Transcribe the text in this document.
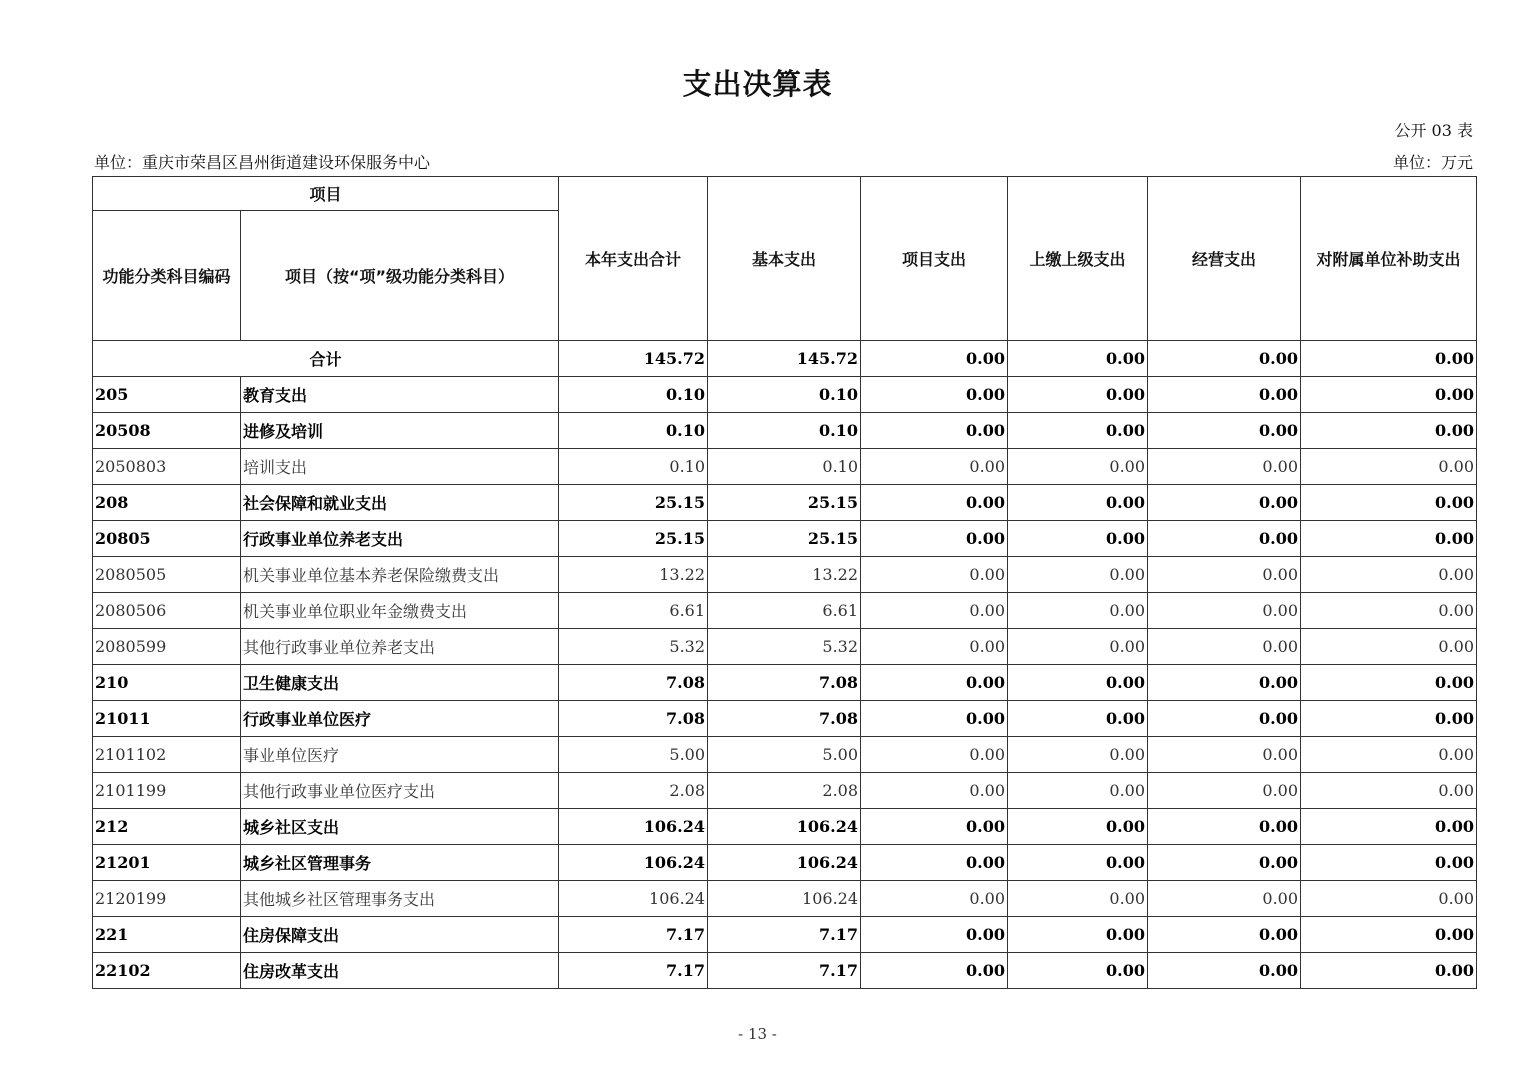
支出决算表
公开 03 表
单位：重庆市荣昌区昌州街道建设环保服务中心	单位：万元
项目		本年支出合计	基本支出	项目支出	上缴上级支出	经营支出	对附属单位补助支出
功能分类科目编码	项目（按“项”级功能分类科目）						
合计		145.72	145.72	0.00	0.00	0.00	0.00
205	教育支出	0.10	0.10	0.00	0.00	0.00	0.00
20508	进修及培训	0.10	0.10	0.00	0.00	0.00	0.00
2050803	培训支出	0.10	0.10	0.00	0.00	0.00	0.00
208	社会保障和就业支出	25.15	25.15	0.00	0.00	0.00	0.00
20805	行政事业单位养老支出	25.15	25.15	0.00	0.00	0.00	0.00
2080505	机关事业单位基本养老保险缴费支出	13.22	13.22	0.00	0.00	0.00	0.00
2080506	机关事业单位职业年金缴费支出	6.61	6.61	0.00	0.00	0.00	0.00
2080599	其他行政事业单位养老支出	5.32	5.32	0.00	0.00	0.00	0.00
210	卫生健康支出	7.08	7.08	0.00	0.00	0.00	0.00
21011	行政事业单位医疗	7.08	7.08	0.00	0.00	0.00	0.00
2101102	事业单位医疗	5.00	5.00	0.00	0.00	0.00	0.00
2101199	其他行政事业单位医疗支出	2.08	2.08	0.00	0.00	0.00	0.00
212	城乡社区支出	106.24	106.24	0.00	0.00	0.00	0.00
21201	城乡社区管理事务	106.24	106.24	0.00	0.00	0.00	0.00
2120199	其他城乡社区管理事务支出	106.24	106.24	0.00	0.00	0.00	0.00
221	住房保障支出	7.17	7.17	0.00	0.00	0.00	0.00
22102	住房改革支出	7.17	7.17	0.00	0.00	0.00	0.00
- 13 -
